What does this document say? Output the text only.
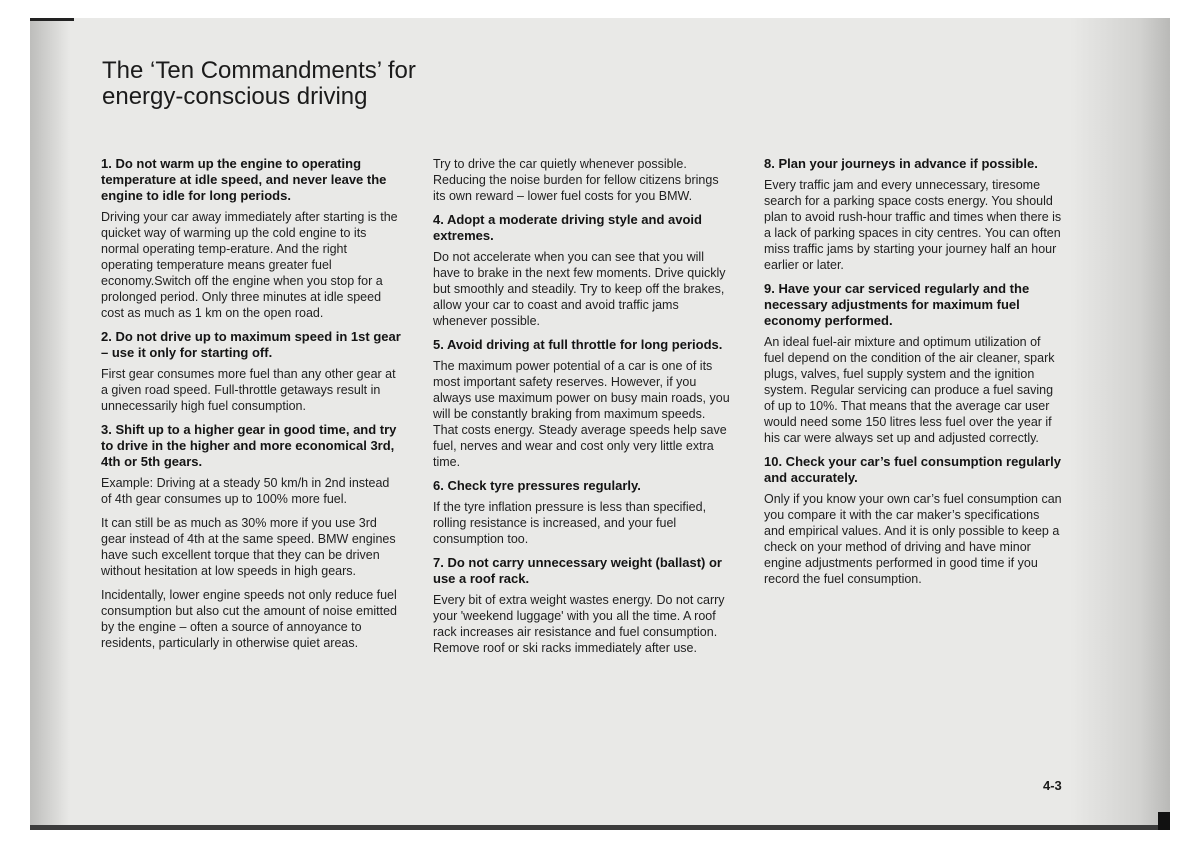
The ‘Ten Commandments’ for energy-conscious driving
1. Do not warm up the engine to operating temperature at idle speed, and never leave the engine to idle for long periods.

Driving your car away immediately after starting is the quicket way of warming up the cold engine to its normal operating temp-erature. And the right operating temperature means greater fuel economy.Switch off the engine when you stop for a prolonged period. Only three minutes at idle speed cost as much as 1 km on the open road.

2. Do not drive up to maximum speed in 1st gear – use it only for starting off.

First gear consumes more fuel than any other gear at a given road speed. Full-throttle getaways result in unnecessarily high fuel consumption.

3. Shift up to a higher gear in good time, and try to drive in the higher and more economical 3rd, 4th or 5th gears.

Example: Driving at a steady 50 km/h in 2nd instead of 4th gear consumes up to 100% more fuel.

It can still be as much as 30% more if you use 3rd gear instead of 4th at the same speed. BMW engines have such excellent torque that they can be driven without hesitation at low speeds in high gears.

Incidentally, lower engine speeds not only reduce fuel consumption but also cut the amount of noise emitted by the engine – often a source of annoyance to residents, particularly in otherwise quiet areas.

Try to drive the car quietly whenever possible. Reducing the noise burden for fellow citizens brings its own reward – lower fuel costs for you BMW.

4. Adopt a moderate driving style and avoid extremes.

Do not accelerate when you can see that you will have to brake in the next few moments. Drive quickly but smoothly and steadily. Try to keep off the brakes, allow your car to coast and avoid traffic jams whenever possible.

5. Avoid driving at full throttle for long periods.

The maximum power potential of a car is one of its most important safety reserves. However, if you always use maximum power on busy main roads, you will be constantly braking from maximum speeds. That costs energy. Steady average speeds help save fuel, nerves and wear and cost only very little extra time.

6. Check tyre pressures regularly.

If the tyre inflation pressure is less than specified, rolling resistance is increased, and your fuel consumption too.

7. Do not carry unnecessary weight (ballast) or use a roof rack.

Every bit of extra weight wastes energy. Do not carry your 'weekend luggage' with you all the time. A roof rack increases air resistance and fuel consumption. Remove roof or ski racks immediately after use.

8. Plan your journeys in advance if possible.

Every traffic jam and every unnecessary, tiresome search for a parking space costs energy. You should plan to avoid rush-hour traffic and times when there is a lack of parking spaces in city centres. You can often miss traffic jams by starting your journey half an hour earlier or later.

9. Have your car serviced regularly and the necessary adjustments for maximum fuel economy performed.

An ideal fuel-air mixture and optimum utilization of fuel depend on the condition of the air cleaner, spark plugs, valves, fuel supply system and the ignition system. Regular servicing can produce a fuel saving of up to 10%. That means that the average car user would need some 150 litres less fuel over the year if his car were always set up and adjusted correctly.

10. Check your car’s fuel consumption regularly and accurately.

Only if you know your own car’s fuel consumption can you compare it with the car maker’s specifications and empirical values. And it is only possible to keep a check on your method of driving and have minor engine adjustments performed in good time if you record the fuel consumption.

4-3
